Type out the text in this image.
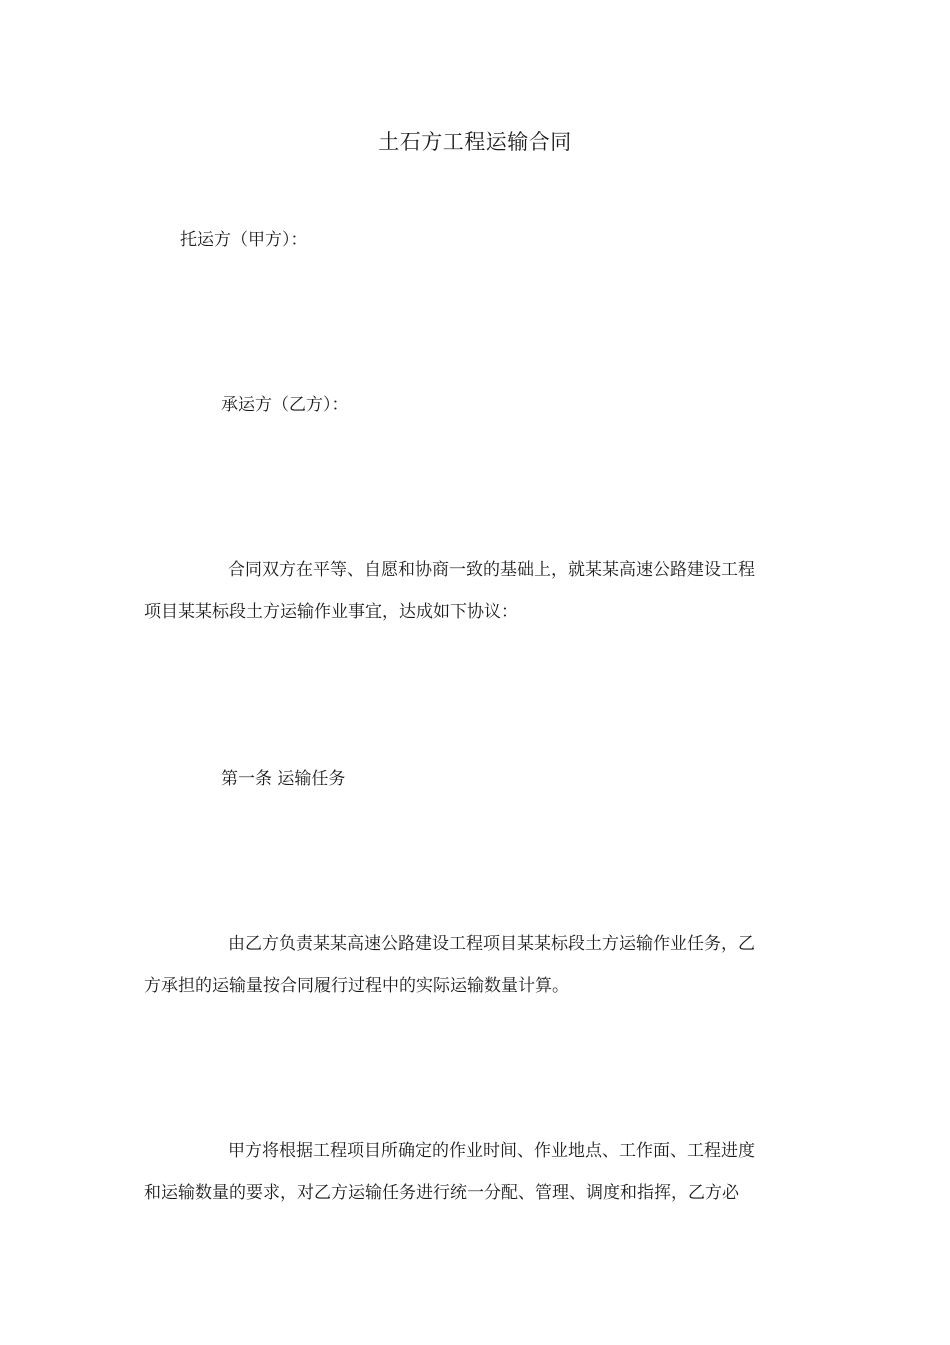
土石方工程运输合同
托运方（甲方）：
承运方（乙方）：
合同双方在平等、自愿和协商一致的基础上，就某某高速公路建设工程
项目某某标段土方运输作业事宜，达成如下协议：
第一条 运输任务
由乙方负责某某高速公路建设工程项目某某标段土方运输作业任务，乙
方承担的运输量按合同履行过程中的实际运输数量计算。
甲方将根据工程项目所确定的作业时间、作业地点、工作面、工程进度
和运输数量的要求，对乙方运输任务进行统一分配、管理、调度和指挥，乙方必
